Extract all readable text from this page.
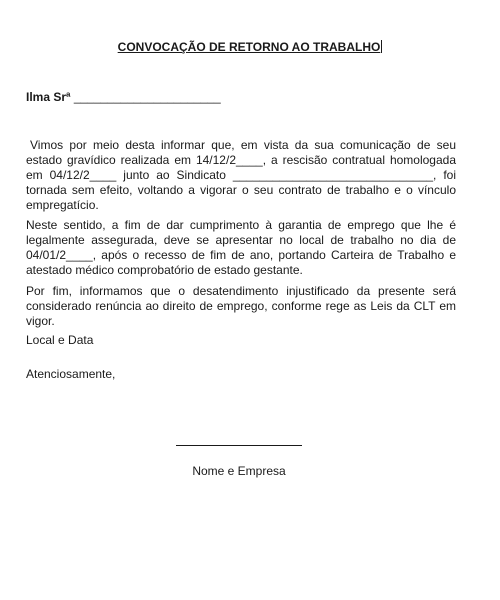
CONVOCAÇÃO DE RETORNO AO TRABALHO
Ilma Srª ______________________
Vimos por meio desta informar que, em vista da sua comunicação de seu estado gravídico realizada em 14/12/2____, a rescisão contratual homologada em 04/12/2____ junto ao Sindicato ______________________________, foi tornada sem efeito, voltando a vigorar o seu contrato de trabalho e o vínculo empregatício.
Neste sentido, a fim de dar cumprimento à garantia de emprego que lhe é legalmente assegurada, deve se apresentar no local de trabalho no dia de 04/01/2____, após o recesso de fim de ano, portando Carteira de Trabalho e atestado médico comprobatório de estado gestante.
Por fim, informamos que o desatendimento injustificado da presente será considerado renúncia ao direito de emprego, conforme rege as Leis da CLT em vigor.
Local e Data
Atenciosamente,
Nome e Empresa
